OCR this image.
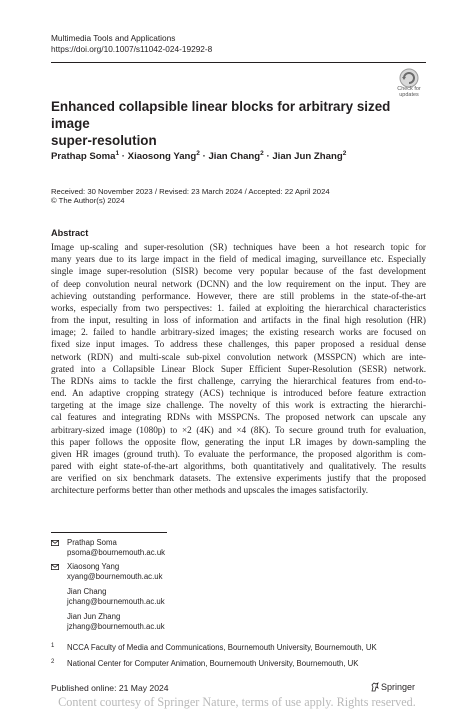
Multimedia Tools and Applications
https://doi.org/10.1007/s11042-024-19292-8
Check for
updates
Enhanced collapsible linear blocks for arbitrary sized image
super-resolution
Prathap Soma$^1$ · Xiaosong Yang$^2$ · Jian Chang$^2$ · Jian Jun Zhang$^2$
Received: 30 November 2023 / Revised: 23 March 2024 / Accepted: 22 April 2024
© The Author(s) 2024
Abstract
Image up-scaling and super-resolution (SR) techniques have been a hot research topic for
many years due to its large impact in the field of medical imaging, surveillance etc. Especially
single image super-resolution (SISR) become very popular because of the fast development
of deep convolution neural network (DCNN) and the low requirement on the input. They are
achieving outstanding performance. However, there are still problems in the state-of-the-art
works, especially from two perspectives: 1. failed at exploiting the hierarchical characteristics
from the input, resulting in loss of information and artifacts in the final high resolution (HR)
image; 2. failed to handle arbitrary-sized images; the existing research works are focused on
fixed size input images. To address these challenges, this paper proposed a residual dense
network (RDN) and multi-scale sub-pixel convolution network (MSSPCN) which are inte-
grated into a Collapsible Linear Block Super Efficient Super-Resolution (SESR) network.
The RDNs aims to tackle the first challenge, carrying the hierarchical features from end-to-
end. An adaptive cropping strategy (ACS) technique is introduced before feature extraction
targeting at the image size challenge. The novelty of this work is extracting the hierarchi-
cal features and integrating RDNs with MSSPCNs. The proposed network can upscale any
arbitrary-sized image (1080p) to ×2 (4K) and ×4 (8K). To secure ground truth for evaluation,
this paper follows the opposite flow, generating the input LR images by down-sampling the
given HR images (ground truth). To evaluate the performance, the proposed algorithm is com-
pared with eight state-of-the-art algorithms, both quantitatively and qualitatively. The results
are verified on six benchmark datasets. The extensive experiments justify that the proposed
architecture performs better than other methods and upscales the images satisfactorily.
Prathap Soma
psoma@bournemouth.ac.uk
Xiaosong Yang
xyang@bournemouth.ac.uk
Jian Chang
jchang@bournemouth.ac.uk
Jian Jun Zhang
jzhang@bournemouth.ac.uk
1 NCCA Faculty of Media and Communications, Bournemouth University, Bournemouth, UK
2 National Center for Computer Animation, Bournemouth University, Bournemouth, UK
Published online: 21 May 2024	Springer
Content courtesy of Springer Nature, terms of use apply. Rights reserved.
